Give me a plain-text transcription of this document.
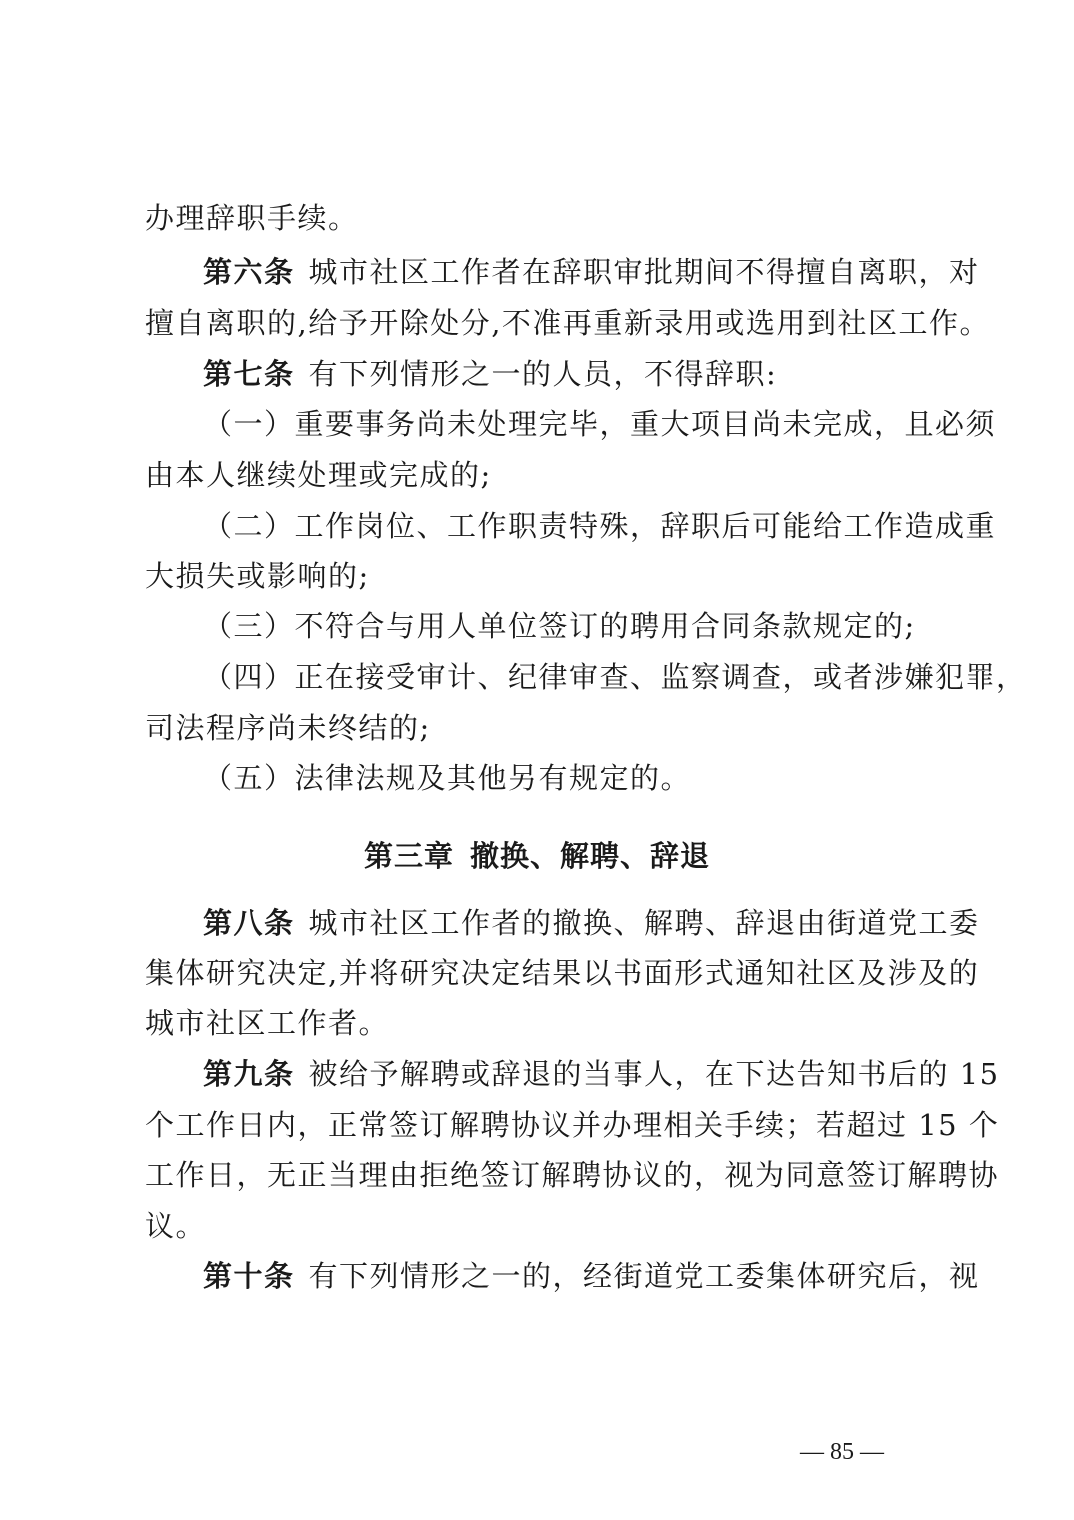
办理辞职手续。
第六条 城市社区工作者在辞职审批期间不得擅自离职，对
擅自离职的,给予开除处分,不准再重新录用或选用到社区工作。
第七条 有下列情形之一的人员，不得辞职:
（一）重要事务尚未处理完毕，重大项目尚未完成，且必须
由本人继续处理或完成的;
（二）工作岗位、工作职责特殊，辞职后可能给工作造成重
大损失或影响的;
（三）不符合与用人单位签订的聘用合同条款规定的;
（四）正在接受审计、纪律审查、监察调查，或者涉嫌犯罪，
司法程序尚未终结的;
（五）法律法规及其他另有规定的。
第三章 撤换、解聘、辞退
第八条 城市社区工作者的撤换、解聘、辞退由街道党工委
集体研究决定,并将研究决定结果以书面形式通知社区及涉及的
城市社区工作者。
第九条 被给予解聘或辞退的当事人，在下达告知书后的 15
个工作日内，正常签订解聘协议并办理相关手续；若超过 15 个
工作日，无正当理由拒绝签订解聘协议的，视为同意签订解聘协
议。
第十条 有下列情形之一的，经街道党工委集体研究后，视
— 85 —
